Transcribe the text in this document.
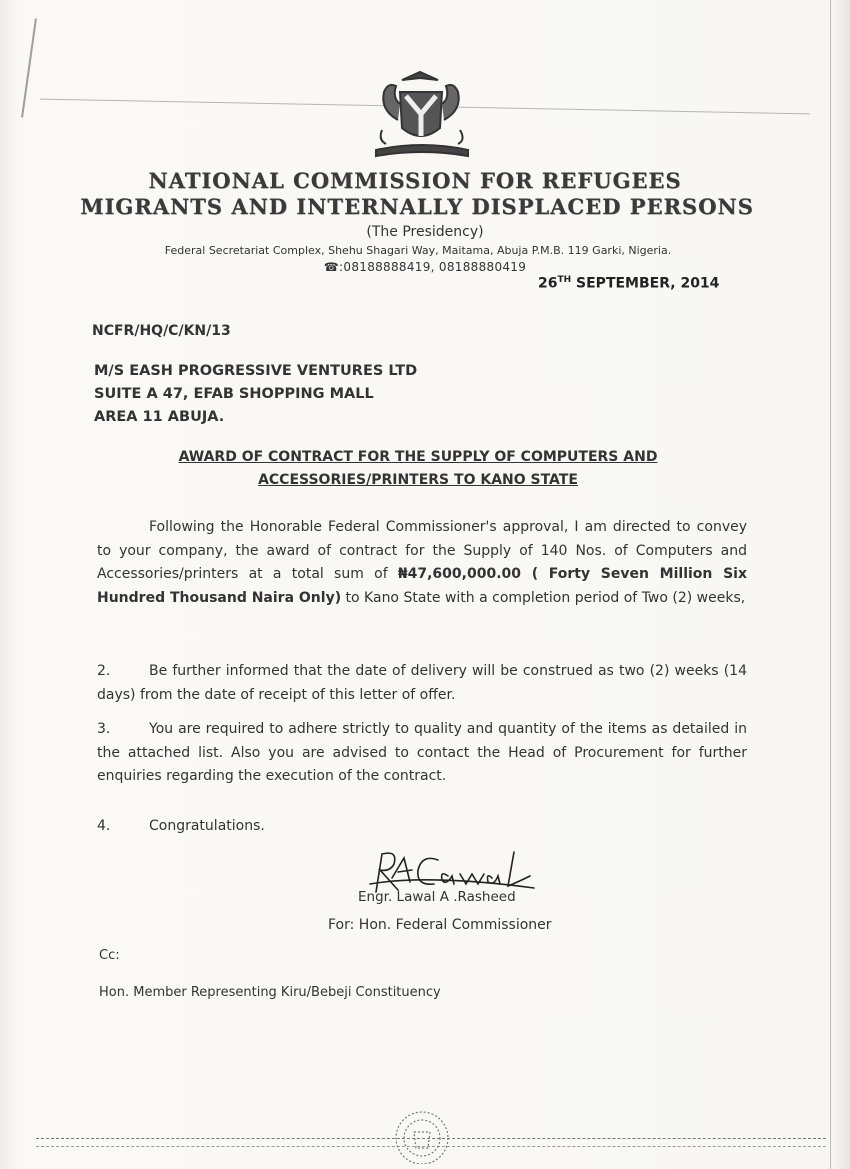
NATIONAL COMMISSION FOR REFUGEES
MIGRANTS AND INTERNALLY DISPLACED PERSONS
(The Presidency)
Federal Secretariat Complex, Shehu Shagari Way, Maitama, Abuja P.M.B. 119 Garki, Nigeria.
☎:08188888419, 08188880419
26TH SEPTEMBER, 2014
NCFR/HQ/C/KN/13
M/S EASH PROGRESSIVE VENTURES LTD
SUITE A 47, EFAB SHOPPING MALL
AREA 11 ABUJA.
AWARD OF CONTRACT FOR THE SUPPLY OF COMPUTERS AND
ACCESSORIES/PRINTERS TO KANO STATE
Following the Honorable Federal Commissioner's approval, I am directed to convey to your company, the award of contract for the Supply of 140 Nos. of Computers and Accessories/printers at a total sum of ₦47,600,000.00 ( Forty Seven Million Six Hundred Thousand Naira Only) to Kano State with a completion period of Two (2) weeks,
2.	Be further informed that the date of delivery will be construed as two (2) weeks (14 days) from the date of receipt of this letter of offer.
3.	You are required to adhere strictly to quality and quantity of the items as detailed in the attached list. Also you are advised to contact the Head of Procurement for further enquiries regarding the execution of the contract.
4.	Congratulations.
Engr. Lawal A .Rasheed
For: Hon. Federal Commissioner
Cc:
Hon. Member Representing Kiru/Bebeji Constituency
